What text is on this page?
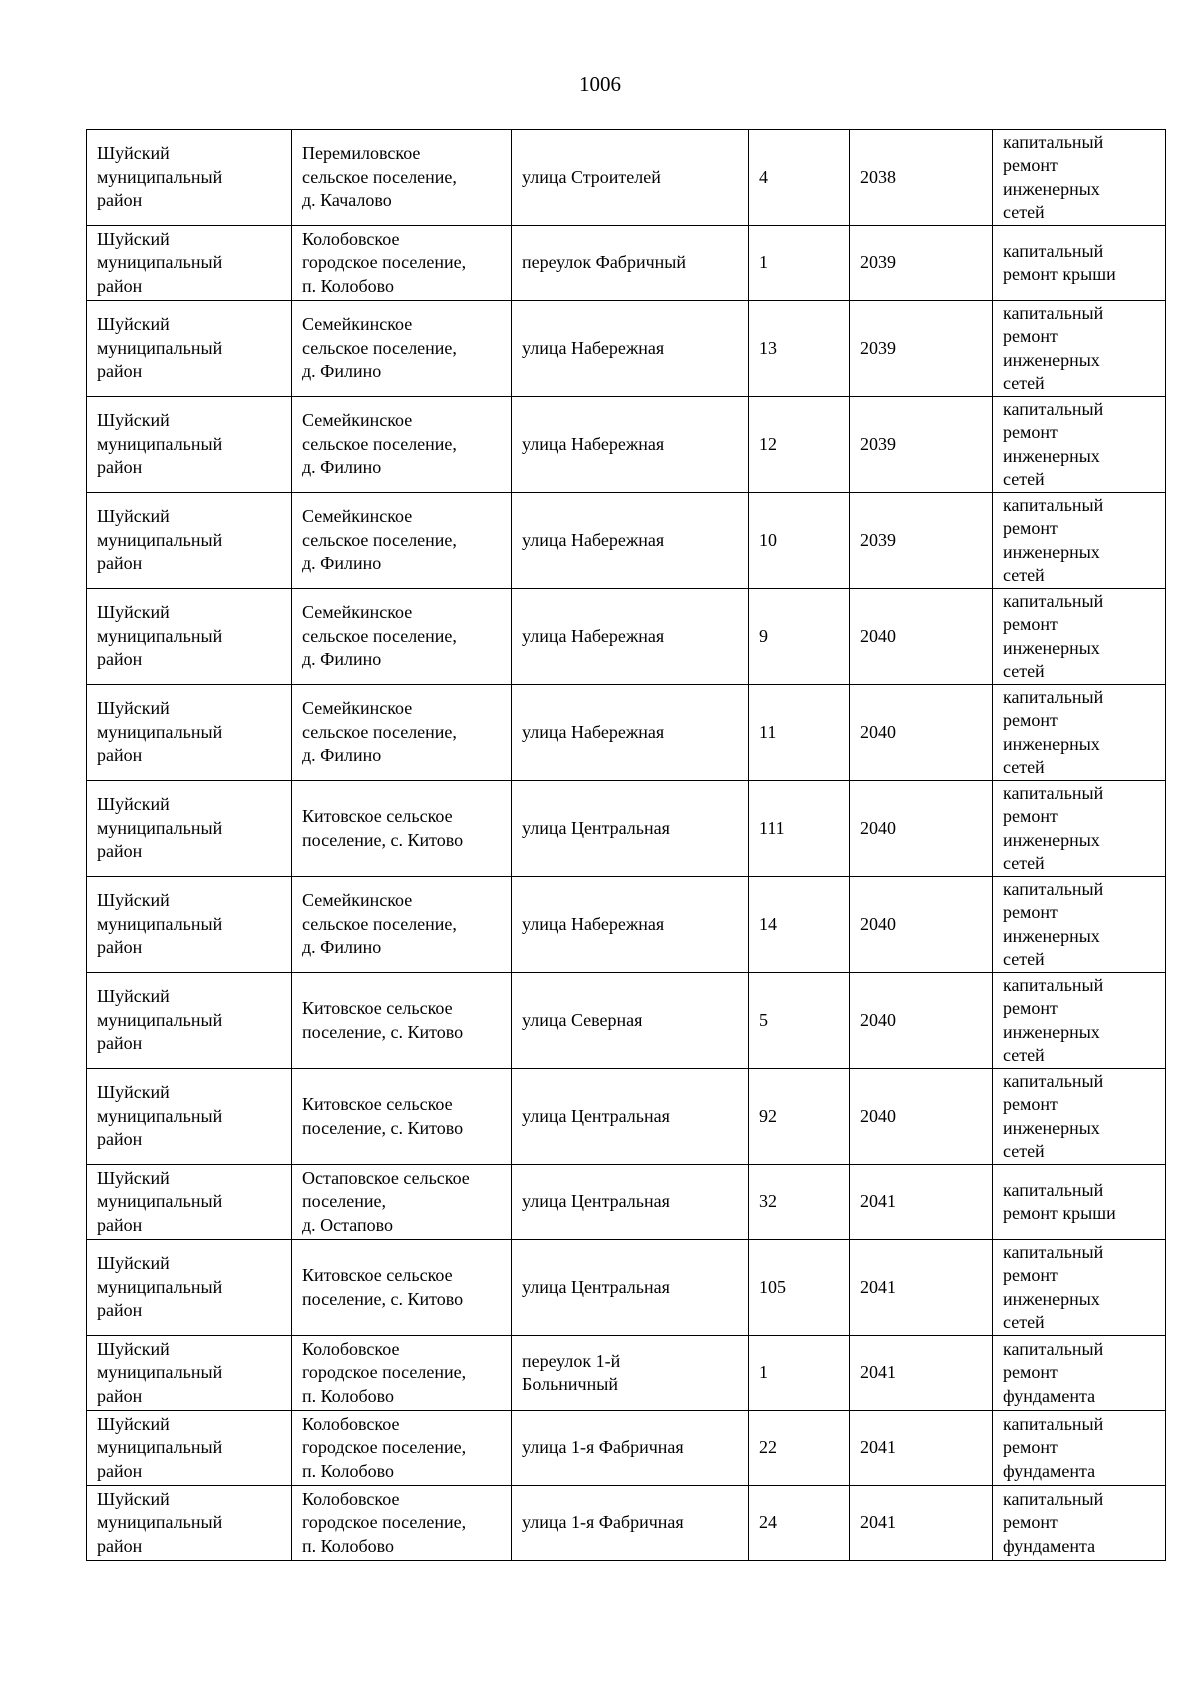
1006
Шуйский
муниципальный
район	Перемиловское
сельское поселение,
д. Качалово	улица Строителей	4	2038	капитальный
ремонт
инженерных
сетей

Шуйский
муниципальный
район	Колобовское
городское поселение,
п. Колобово	переулок Фабричный	1	2039	капитальный
ремонт крыши

Шуйский
муниципальный
район	Семейкинское
сельское поселение,
д. Филино	улица Набережная	13	2039	капитальный
ремонт
инженерных
сетей

Шуйский
муниципальный
район	Семейкинское
сельское поселение,
д. Филино	улица Набережная	12	2039	капитальный
ремонт
инженерных
сетей

Шуйский
муниципальный
район	Семейкинское
сельское поселение,
д. Филино	улица Набережная	10	2039	капитальный
ремонт
инженерных
сетей

Шуйский
муниципальный
район	Семейкинское
сельское поселение,
д. Филино	улица Набережная	9	2040	капитальный
ремонт
инженерных
сетей

Шуйский
муниципальный
район	Семейкинское
сельское поселение,
д. Филино	улица Набережная	11	2040	капитальный
ремонт
инженерных
сетей

Шуйский
муниципальный
район	Китовское сельское
поселение, с. Китово	улица Центральная	111	2040	капитальный
ремонт
инженерных
сетей

Шуйский
муниципальный
район	Семейкинское
сельское поселение,
д. Филино	улица Набережная	14	2040	капитальный
ремонт
инженерных
сетей

Шуйский
муниципальный
район	Китовское сельское
поселение, с. Китово	улица Северная	5	2040	капитальный
ремонт
инженерных
сетей

Шуйский
муниципальный
район	Китовское сельское
поселение, с. Китово	улица Центральная	92	2040	капитальный
ремонт
инженерных
сетей

Шуйский
муниципальный
район	Остаповское сельское
поселение,
д. Остапово	улица Центральная	32	2041	капитальный
ремонт крыши

Шуйский
муниципальный
район	Китовское сельское
поселение, с. Китово	улица Центральная	105	2041	капитальный
ремонт
инженерных
сетей

Шуйский
муниципальный
район	Колобовское
городское поселение,
п. Колобово	переулок 1-й
Больничный	1	2041	капитальный
ремонт
фундамента

Шуйский
муниципальный
район	Колобовское
городское поселение,
п. Колобово	улица 1-я Фабричная	22	2041	капитальный
ремонт
фундамента

Шуйский
муниципальный
район	Колобовское
городское поселение,
п. Колобово	улица 1-я Фабричная	24	2041	капитальный
ремонт
фундамента
